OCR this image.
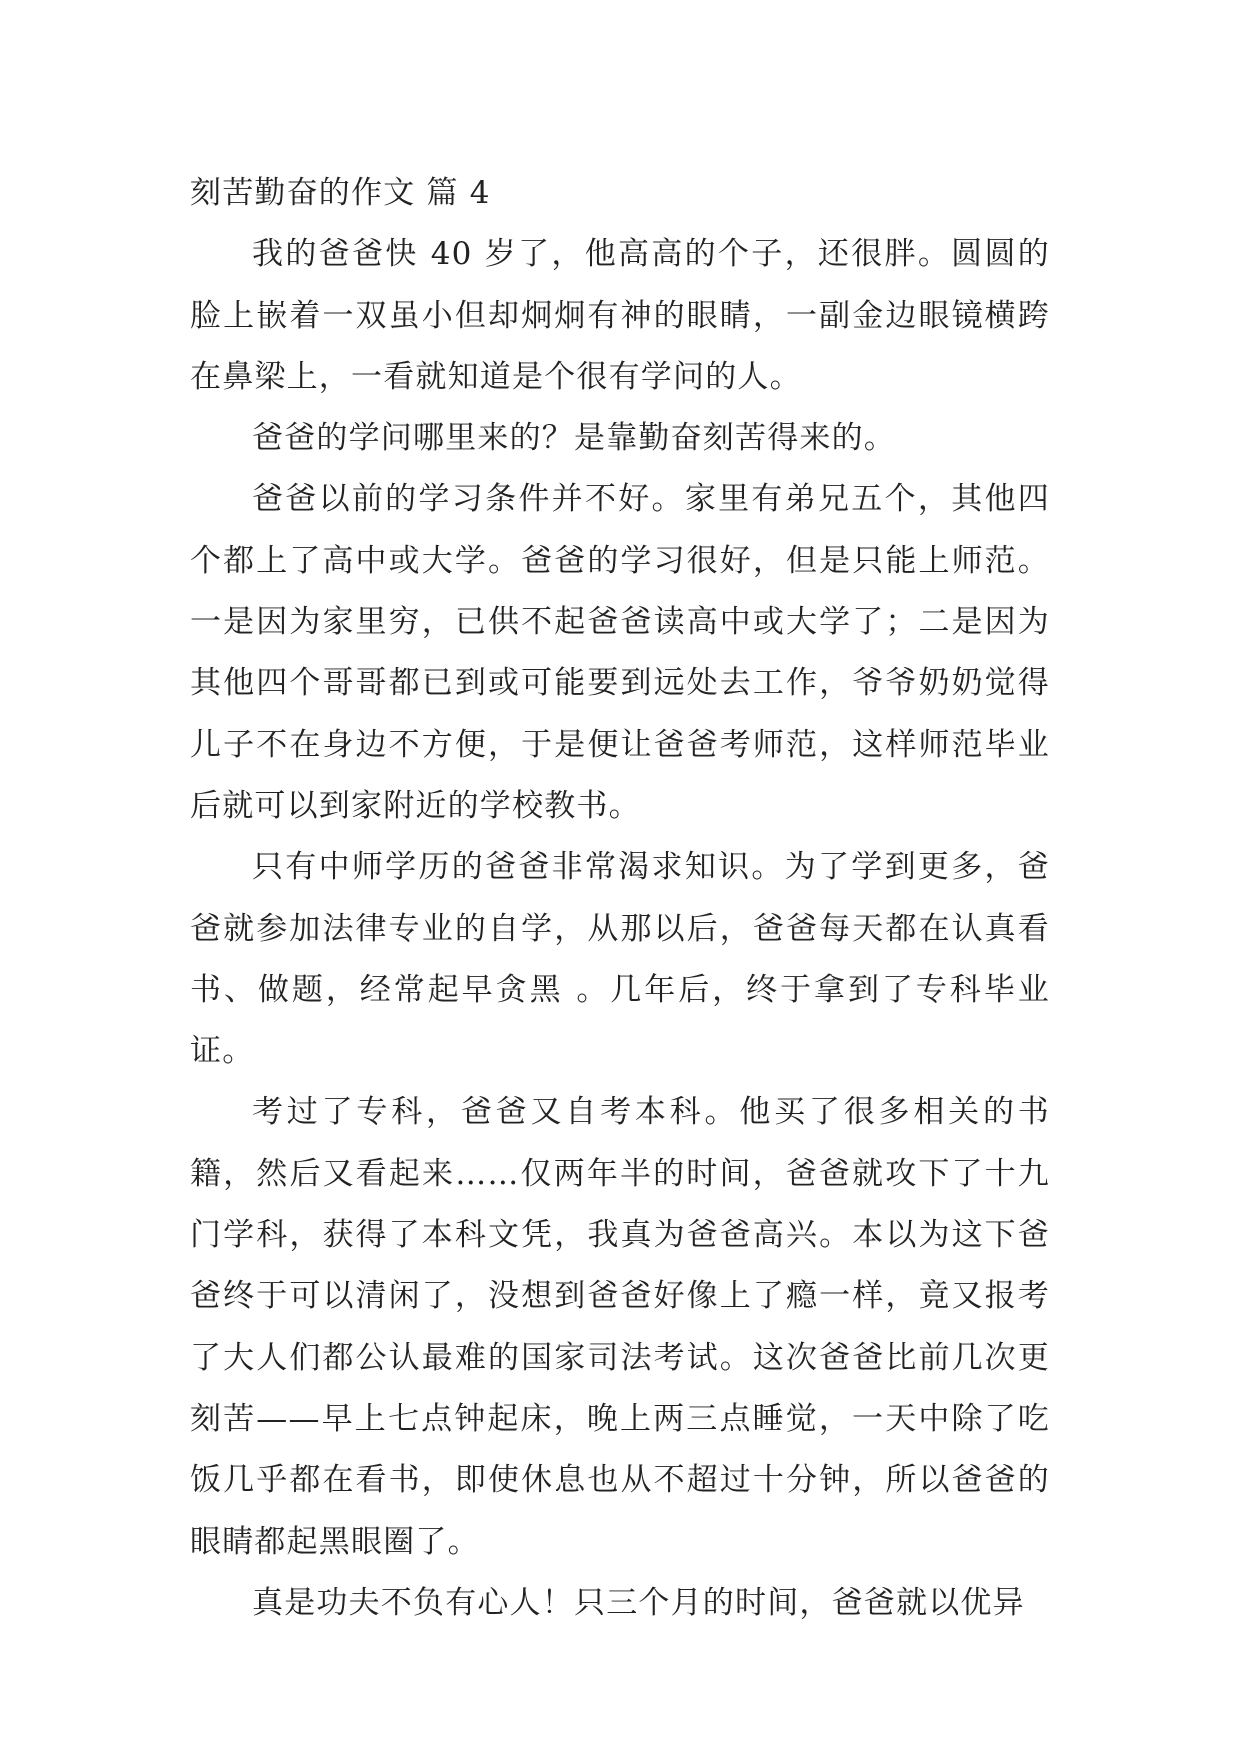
刻苦勤奋的作文 篇 4

我的爸爸快 40 岁了，他高高的个子，还很胖。圆圆的脸上嵌着一双虽小但却炯炯有神的眼睛，一副金边眼镜横跨在鼻梁上，一看就知道是个很有学问的人。

爸爸的学问哪里来的？是靠勤奋刻苦得来的。

爸爸以前的学习条件并不好。家里有弟兄五个，其他四个都上了高中或大学。爸爸的学习很好，但是只能上师范。一是因为家里穷，已供不起爸爸读高中或大学了；二是因为其他四个哥哥都已到或可能要到远处去工作，爷爷奶奶觉得儿子不在身边不方便，于是便让爸爸考师范，这样师范毕业后就可以到家附近的学校教书。

只有中师学历的爸爸非常渴求知识。为了学到更多，爸爸就参加法律专业的自学，从那以后，爸爸每天都在认真看书、做题，经常起早贪黑 。几年后，终于拿到了专科毕业证。

考过了专科，爸爸又自考本科。他买了很多相关的书籍，然后又看起来……仅两年半的时间，爸爸就攻下了十九门学科，获得了本科文凭，我真为爸爸高兴。本以为这下爸爸终于可以清闲了，没想到爸爸好像上了瘾一样，竟又报考了大人们都公认最难的国家司法考试。这次爸爸比前几次更刻苦——早上七点钟起床，晚上两三点睡觉，一天中除了吃饭几乎都在看书，即使休息也从不超过十分钟，所以爸爸的眼睛都起黑眼圈了。

真是功夫不负有心人！只三个月的时间，爸爸就以优异
